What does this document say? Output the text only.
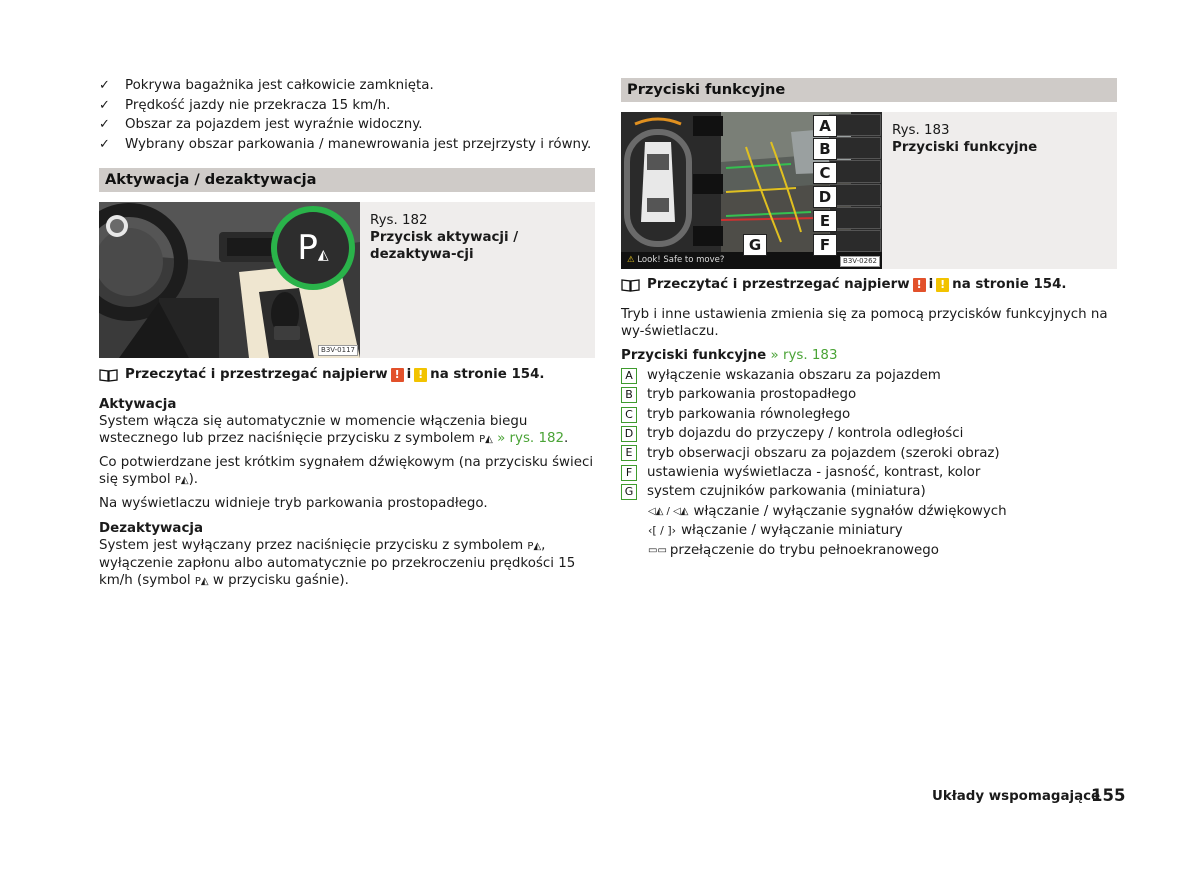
✓ Pokrywa bagażnika jest całkowicie zamknięta.
✓ Prędkość jazdy nie przekracza 15 km/h.
✓ Obszar za pojazdem jest wyraźnie widoczny.
✓ Wybrany obszar parkowania / manewrowania jest przejrzysty i równy.
Aktywacja / dezaktywacja
P◭
B3V-0117
Rys. 182
Przycisk aktywacji / dezaktywa-cji
Przeczytać i przestrzegać najpierw ! i ! na stronie 154.
Aktywacja
System włącza się automatycznie w momencie włączenia biegu wstecznego lub przez naciśnięcie przycisku z symbolem P◭ » rys. 182.
Co potwierdzane jest krótkim sygnałem dźwiękowym (na przycisku świeci się symbol P◭).
Na wyświetlaczu widnieje tryb parkowania prostopadłego.
Dezaktywacja
System jest wyłączany przez naciśnięcie przycisku z symbolem P◭, wyłączenie zapłonu albo automatycznie po przekroczeniu prędkości 15 km/h (symbol P◭ w przycisku gaśnie).
Przyciski funkcyjne
A
B
C
D
E
F
G
⚠ Look! Safe to move?	B3V-0262
Rys. 183
Przyciski funkcyjne
Przeczytać i przestrzegać najpierw ! i ! na stronie 154.
Tryb i inne ustawienia zmienia się za pomocą przycisków funkcyjnych na wy-świetlaczu.
Przyciski funkcyjne » rys. 183
A	wyłączenie wskazania obszaru za pojazdem
B	tryb parkowania prostopadłego
C	tryb parkowania równoległego
D tryb dojazdu do przyczepy / kontrola odległości
E	tryb obserwacji obszaru za pojazdem (szeroki obraz)
F	ustawienia wyświetlacza - jasność, kontrast, kolor
G system czujników parkowania (miniatura)
◁◭ / ◁◭ włączanie / wyłączanie sygnałów dźwiękowych
‹[ / ]› włączanie / wyłączanie miniatury
▭▭ przełączenie do trybu pełnoekranowego
Układy wspomagające
155
